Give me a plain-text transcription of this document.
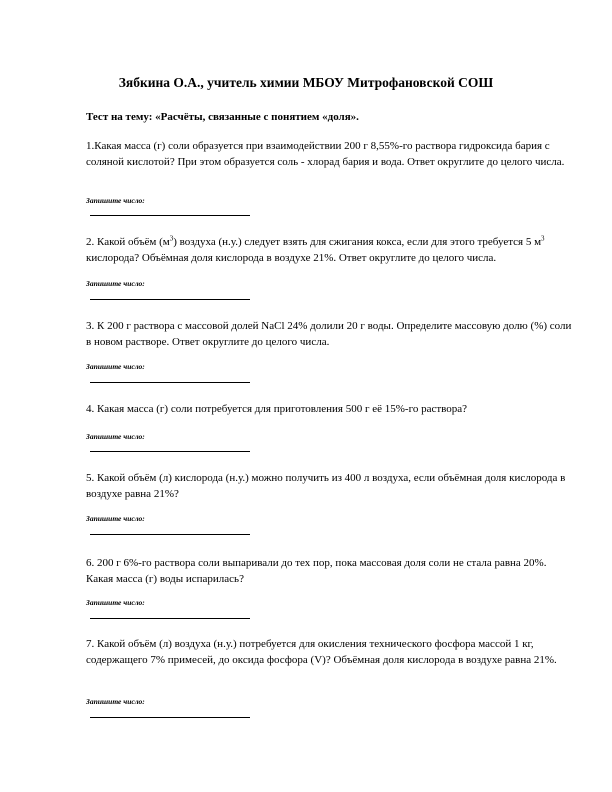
Зябкина О.А., учитель химии МБОУ Митрофановской СОШ
Тест на тему: «Расчёты, связанные с понятием «доля».
1.Какая масса (г) соли образуется при взаимодействии 200 г 8,55%-го раствора гидроксида бария с соляной кислотой? При этом образуется соль - хлорад бария и вода. Ответ округлите до целого числа.
Запишите число:
2. Какой объём $(м^3)$ воздуха (н.у.) следует взять для сжигания кокса, если для этого требуется 5 $м^3$ кислорода? Объёмная доля кислорода в воздухе 21%. Ответ округлите до целого числа.
Запишите число:
3. К 200 г раствора с массовой долей NaCl 24% долили 20 г воды. Определите массовую долю (%) соли в новом растворе. Ответ округлите до целого числа.
Запишите число:
4. Какая масса (г) соли потребуется для приготовления 500 г её 15%-го раствора?
Запишите число:
5. Какой объём (л) кислорода (н.у.) можно получить из 400 л воздуха, если объёмная доля кислорода в воздухе равна 21%?
Запишите число:
6. 200 г 6%-го раствора соли выпаривали до тех пор, пока массовая доля соли не стала равна 20%. Какая масса (г) воды испарилась?
Запишите число:
7. Какой объём (л) воздуха (н.у.) потребуется для окисления технического фосфора массой 1 кг, содержащего 7% примесей, до оксида фосфора (V)? Объёмная доля кислорода в воздухе равна 21%.
Запишите число:
